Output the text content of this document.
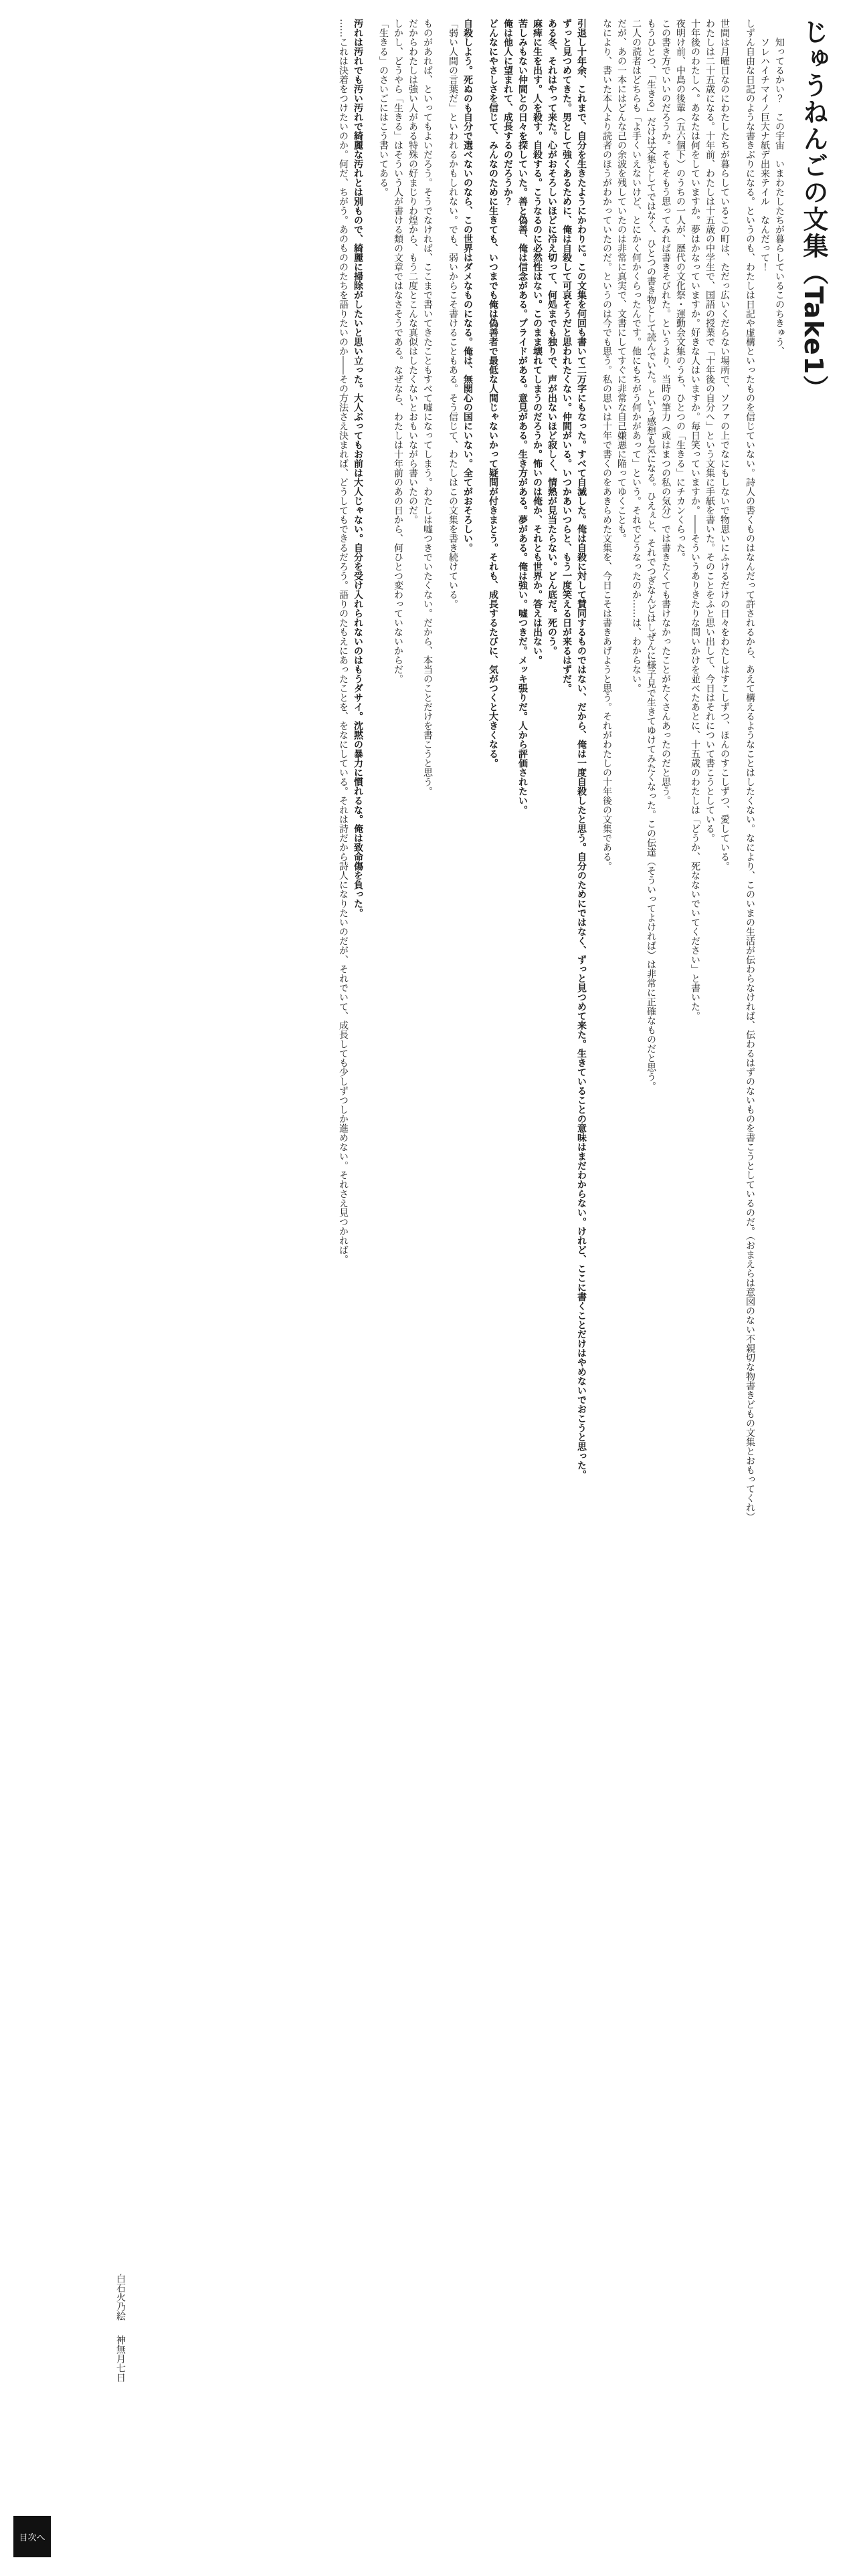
じゅうねんごの文集（Take1）

知ってるかい？　この宇宙　いまわたしたちが暮らしているこのちきゅう、

ソレハイチマイノ巨大ナ紙デ出来テイル　なんだって！

しずん自由な日記のような書きぶりになる。というのも、わたしは日記や虚構といったものを信じていない。詩人の書くものはなんだって許されるから、あえて構えるようなことはしたくない。なにより、このいまの生活が伝わらなければ、伝わるはずのないものを書こうとしているのだ。（おまえらは意図のない不親切な物書きどもの文集とおもってくれ）

世間は月曜日なのにわたしたちが暮らしているこの町は、ただっ広いくだらない場所で、ソファの上でなにもしないで物思いにふけるだけの日々をわたしはすこしずつ、ほんのすこしずつ、愛している。

わたしは二十五歳になる。十年前、わたしは十五歳の中学生で、国語の授業で「十年後の自分へ」という文集に手紙を書いた。そのことをふと思い出して、今日はそれについて書こうとしている。

十年後のわたしへ。あなたは何をしていますか。夢はかなっていますか。好きな人はいますか。毎日笑っていますか。――そういうありきたりな問いかけを並べたあとに、十五歳のわたしは「どうか、死なないでいてください」と書いた。

夜明け前、中島の後輩（五六個下）のうちの一人が、歴代の文化祭・運動会文集のうち、ひとつの「生きる」にチカンくらった。

この書き方でいいのだろうか。そもそもう思ってみれば書きそびれた。というより、当時の筆力（或はまつの私の気分）では書きたくても書けなかったことがたくさんあったのだと思う。

もうひとつ、「生きる」だけは文集としてではなく、ひとつの書き物として読んでいた。という感想も気になる。ひえぇと、それでつぎなんどはしぜんに様子見で生きてゆけてみたくなった。この伝達（そういってよければ）は非常に正確なものだと思う。

二人の読者はどちらも「よ手くいえないけど、とにかく何かくらったんです。他にもちがう何かがあって」という。それでどうなったのか……は、わからない。

だが、あの一本にはどんな己の余波を残していたのは非常に真実で、文書にしてすぐに非常な自己嫌悪に陥ってゆくことも。

なにより、書いた本人より読者のほうがわかっていたのだ。というのは今でも思う。私の思いは十年で書くのをあきらめた文集を、今日こそは書きあげようと思う。それがわたしの十年後の文集である。

引退し十年余、これまで、自分を生きたようにかわりに。この文集を何回も書いて二万字にもなった。すべて自滅した。俺は自殺に対して賛同するものではない、だから、俺は一度自殺したと思う。自分のためにではなく、ずっと見つめて来た。生きていることの意味はまだわからない。けれど、ここに書くことだけはやめないでおこうと思った。

ずっと見つめてきた。男として強くあるために、俺は自殺して可哀そうだと思われたくない。仲間がいる。いつかあいつらと、もう一度笑える日が来るはずだ。

ある冬、それはやって来た。心がおそろしいほどに冷え切って、何処までも独りで、声が出ないほど寂しく、情熱が見当たらない。どん底だ。死のう。

麻痺に生を出す。人を殺す。自殺する。こうなるのに必然性はない。このまま壊れてしまうのだろうか。怖いのは俺か、それとも世界か。答えは出ない。

苦しみもない仲間との日々を探していた。善と偽善、俺は信念がある。プライドがある。意見がある。生き方がある。夢がある。俺は強い。嘘つきだ。メッキ張りだ。人から評価されたい。

俺は他人に望まれて、成長するのだろうか？

どんなにやさしさを信じて、みんなのために生きても、いつまでも俺は偽善者で最低な人間じゃないかって疑問が付きまとう。それも、成長するたびに、気がつくと大きくなる。

自殺しよう。死ぬのも自分で選べないのなら、この世界はダメなものになる。俺は、無関心の国にいない。全てがおそろしい。

「弱い人間の言葉だ」といわれるかもしれない。でも、弱いからこそ書けることもある。そう信じて、わたしはこの文集を書き続けている。

ものがあれば、といってもよいだろう。そうでなければ、ここまで書いてきたこともすべて嘘になってしまう。わたしは嘘つきでいたくない。だから、本当のことだけを書こうと思う。

だからわたしは強い人がある特殊の好まじりわ煌から、もう二度とこんな真似はしたくないとおもいながら書いたのだ。

しかし、どうやら「生きる」はそういう人が書ける類の文章ではなさそうである。なぜなら、わたしは十年前のあの日から、何ひとつ変わっていないからだ。

「生きる」のさいごにはこう書いてある。

汚れは汚れでも汚い汚れで綺麗な汚れとは別もので、綺麗に掃除がしたいと思い立った。大人ぶってもお前は大人じゃない。自分を受け入れられないのはもうダサイ。沈黙の暴力に慣れるな。俺は致命傷を負った。

……これは決着をつけたいのか。何だ、ちがう。あのもののたちを語りたいのか――その方法さえ決まれば、どうしてもできるだろう。語りのたもえにあったことを、をなにしている。それは詩だから詩人になりたいのだが、それでいて、成長しても少しずつしか進めない。それさえ見つかれば。

白石火乃絵
神無月七日
目次へ
